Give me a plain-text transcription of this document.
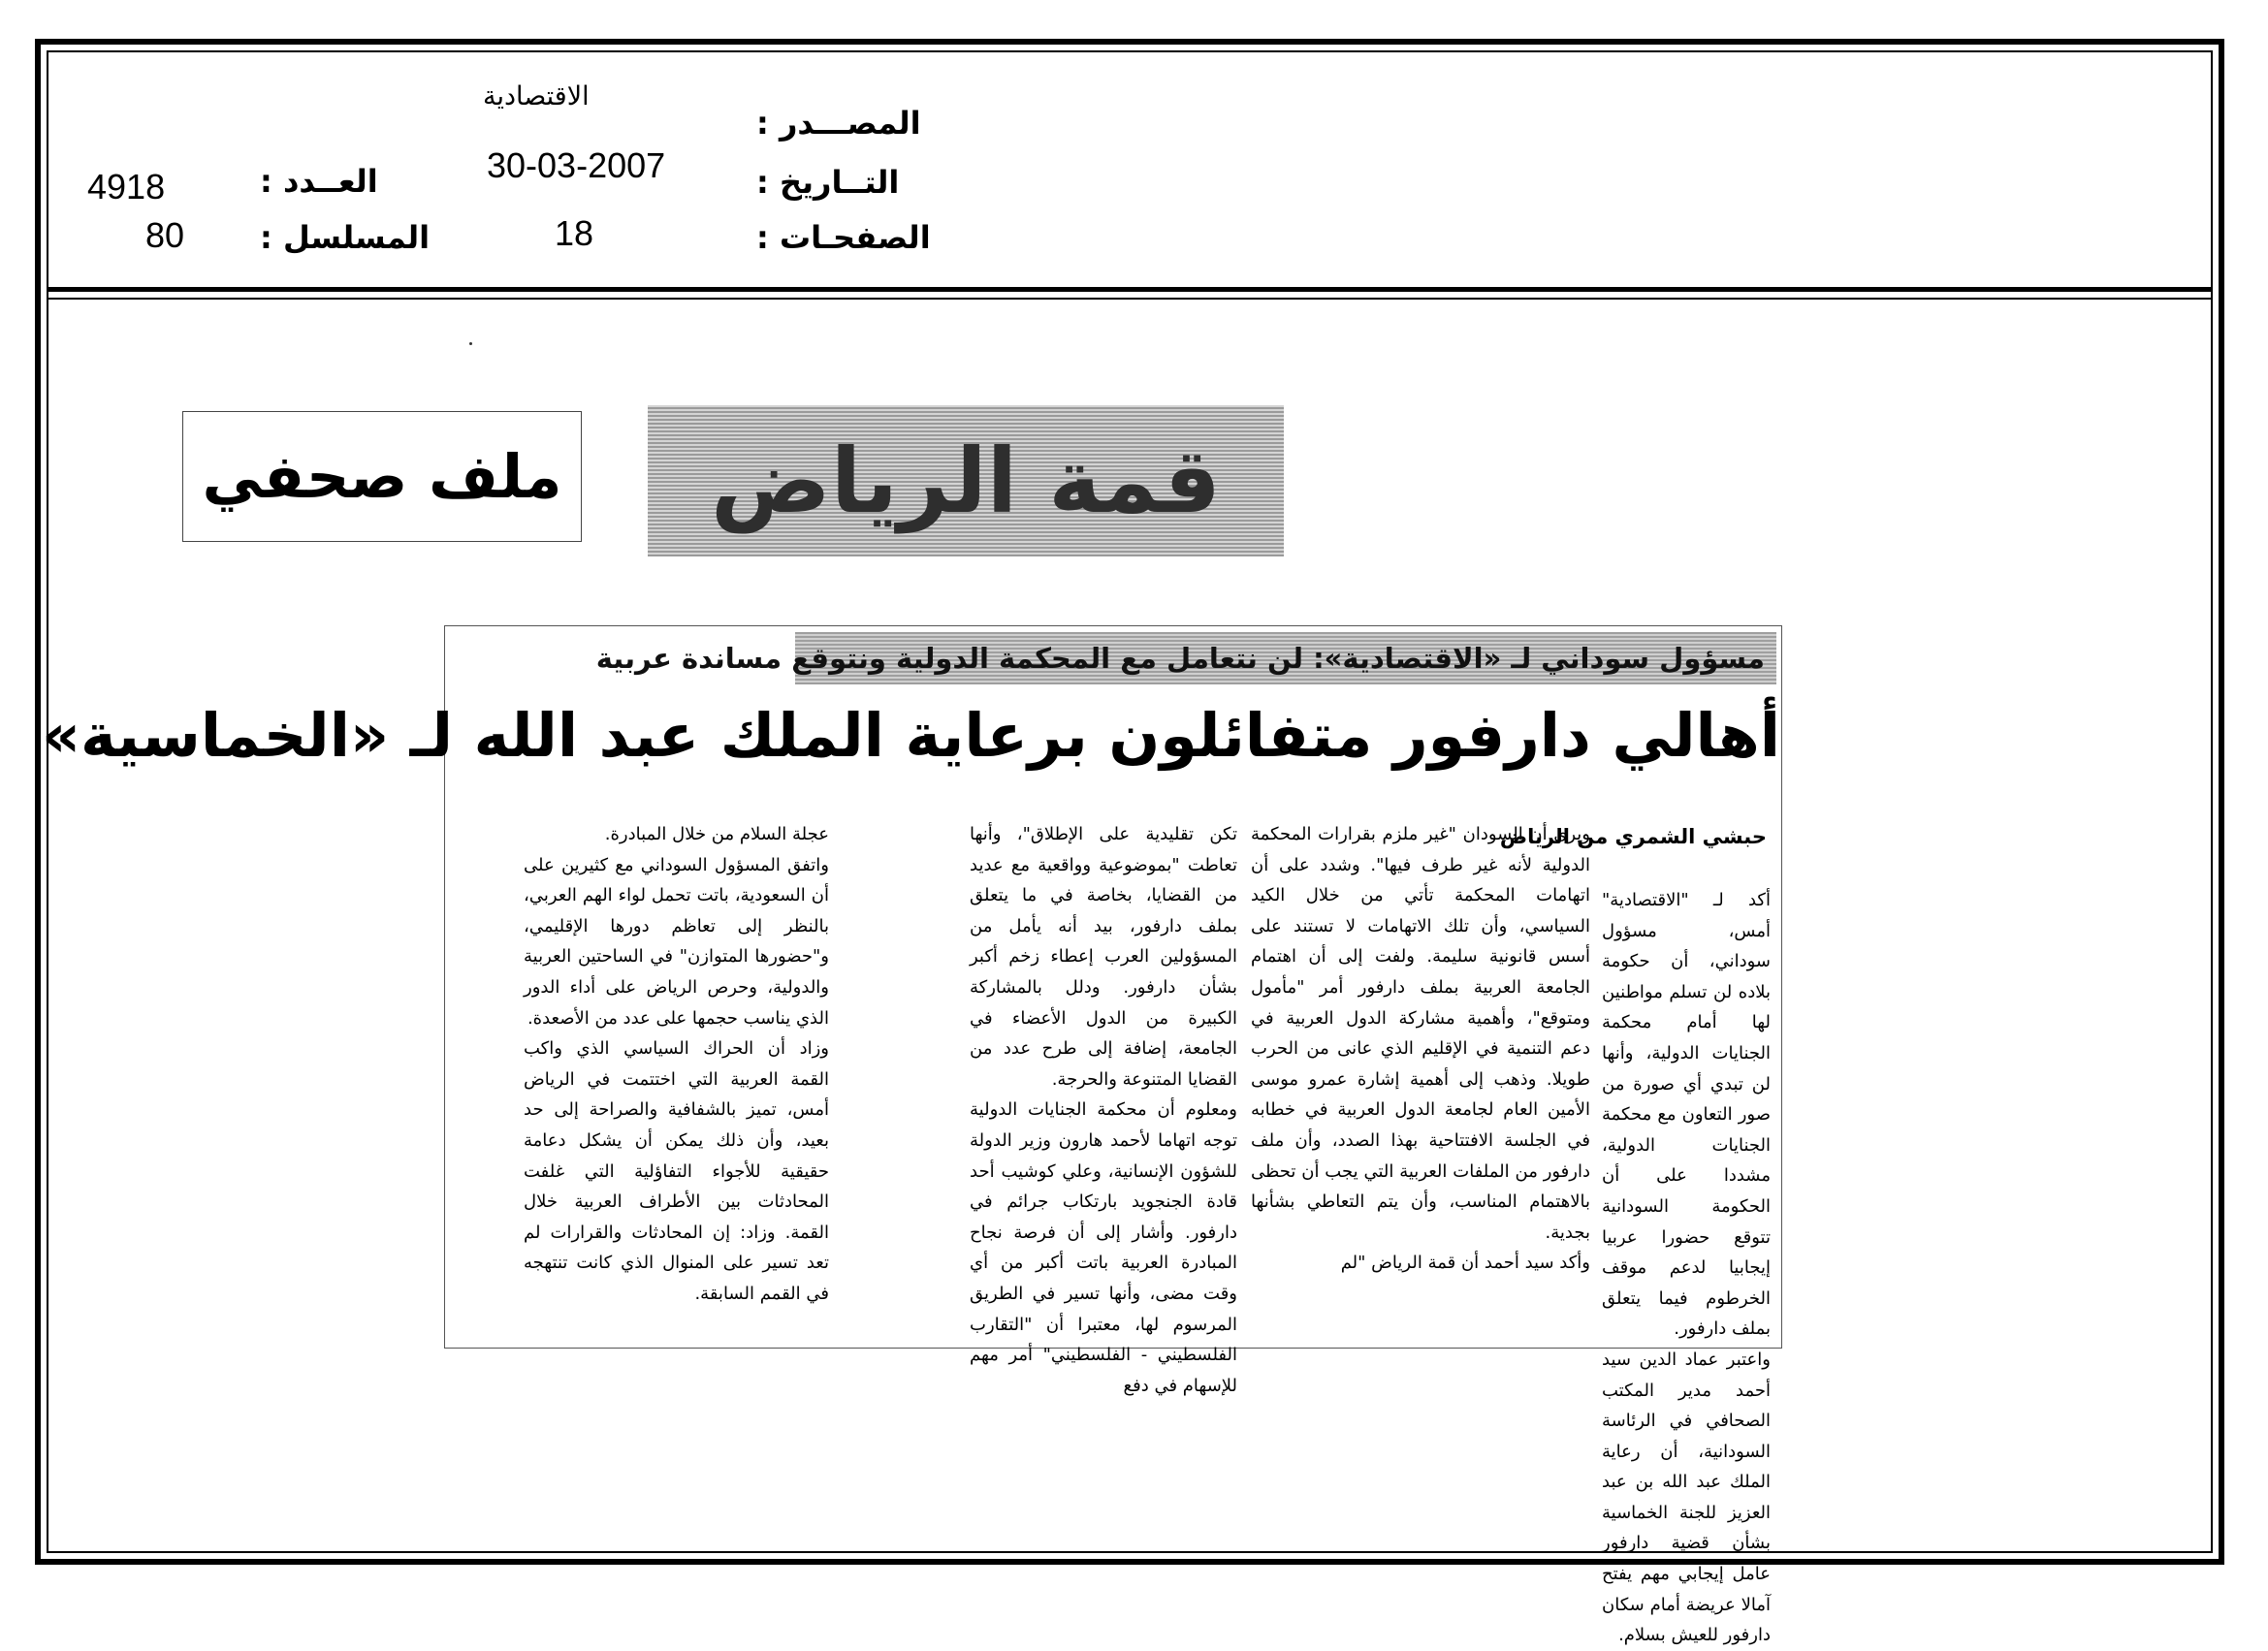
الاقتصادية
المصـــدر :
30-03-2007	التــاريخ :
18	الصفحـات :
4918	العــدد :
80 المسلسل :
ملف صحفي قمة الرياض
مسؤول سوداني لـ «الاقتصادية»: لن نتعامل مع المحكمة الدولية ونتوقع مساندة عربية
أهالي دارفور متفائلون برعاية الملك عبد الله لـ «الخماسية»
حبشي الشمري من الرياض

أكد لـ "الاقتصادية" أمس، مسؤول سوداني، أن حكومة بلاده لن تسلم مواطنين لها أمام محكمة الجنايات الدولية، وأنها لن تبدي أي صورة من صور التعاون مع محكمة الجنايات الدولية، مشددا على أن الحكومة السودانية تتوقع حضورا عربيا إيجابيا لدعم موقف الخرطوم فيما يتعلق بملف دارفور.

واعتبر عماد الدين سيد أحمد مدير المكتب الصحافي في الرئاسة السودانية، أن رعاية الملك عبد الله بن عبد العزيز للجنة الخماسية بشأن قضية دارفور عامل إيجابي مهم يفتح آمالا عريضة أمام سكان دارفور للعيش بسلام.

ويرى أن السودان "غير ملزم بقرارات المحكمة الدولية لأنه غير طرف فيها". وشدد على أن اتهامات المحكمة تأتي من خلال الكيد السياسي، وأن تلك الاتهامات لا تستند على أسس قانونية سليمة. ولفت إلى أن اهتمام الجامعة العربية بملف دارفور أمر "مأمول ومتوقع"، وأهمية مشاركة الدول العربية في دعم التنمية في الإقليم الذي عانى من الحرب طويلا. وذهب إلى أهمية إشارة عمرو موسى الأمين العام لجامعة الدول العربية في خطابه في الجلسة الافتتاحية بهذا الصدد، وأن ملف دارفور من الملفات العربية التي يجب أن تحظى بالاهتمام المناسب، وأن يتم التعاطي بشأنها بجدية.

وأكد سيد أحمد أن قمة الرياض "لم

تكن تقليدية على الإطلاق"، وأنها تعاطت "بموضوعية وواقعية مع عديد من القضايا، بخاصة في ما يتعلق بملف دارفور، بيد أنه يأمل من المسؤولين العرب إعطاء زخم أكبر بشأن دارفور. ودلل بالمشاركة الكبيرة من الدول الأعضاء في الجامعة، إضافة إلى طرح عدد من القضايا المتنوعة والحرجة.

ومعلوم أن محكمة الجنايات الدولية توجه اتهاما لأحمد هارون وزير الدولة للشؤون الإنسانية، وعلي كوشيب أحد قادة الجنجويد بارتكاب جرائم في دارفور. وأشار إلى أن فرصة نجاح المبادرة العربية باتت أكبر من أي وقت مضى، وأنها تسير في الطريق المرسوم لها، معتبرا أن "التقارب الفلسطيني - الفلسطيني" أمر مهم للإسهام في دفع

عجلة السلام من خلال المبادرة.

واتفق المسؤول السوداني مع كثيرين على أن السعودية، باتت تحمل لواء الهم العربي، بالنظر إلى تعاظم دورها الإقليمي، و"حضورها المتوازن" في الساحتين العربية والدولية، وحرص الرياض على أداء الدور الذي يناسب حجمها على عدد من الأصعدة.

وزاد أن الحراك السياسي الذي واكب القمة العربية التي اختتمت في الرياض أمس، تميز بالشفافية والصراحة إلى حد بعيد، وأن ذلك يمكن أن يشكل دعامة حقيقية للأجواء التفاؤلية التي غلفت المحادثات بين الأطراف العربية خلال القمة. وزاد: إن المحادثات والقرارات لم تعد تسير على المنوال الذي كانت تنتهجه في القمم السابقة.
